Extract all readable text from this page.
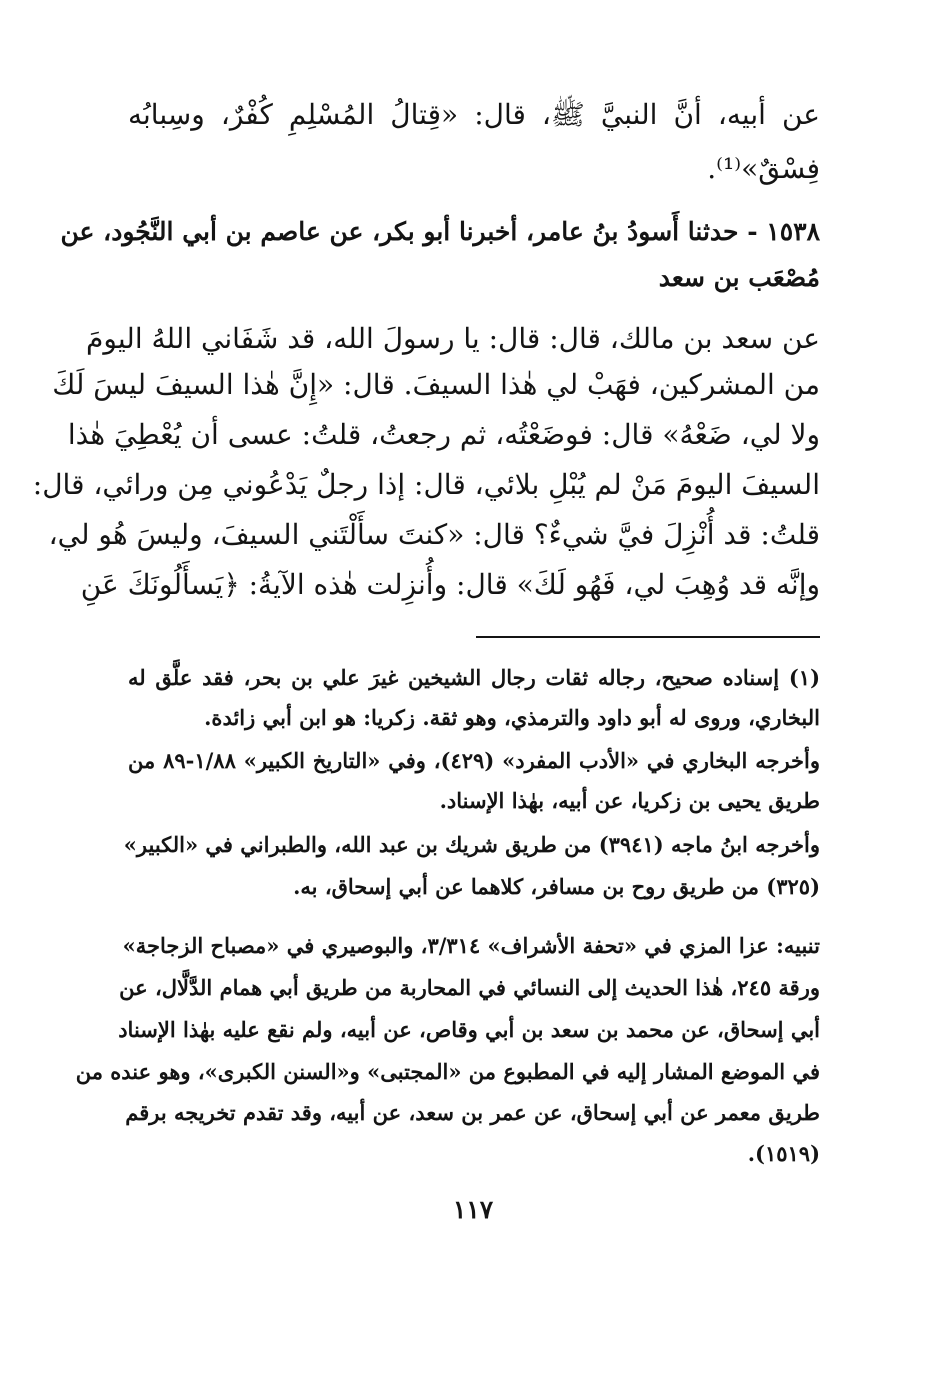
عن أبيه، أنَّ النبيَّ ﷺ، قال: «قِتالُ المُسْلِمِ كُفْرٌ، وسِبابُه
فِسْقٌ»⁽¹⁾.
١٥٣٨ - حدثنا أَسودُ بنُ عامر، أخبرنا أبو بكر، عن عاصم بن أبي النَّجُود، عن
مُصْعَب بن سعد
عن سعد بن مالك، قال: قال: يا رسولَ الله، قد شَفَاني اللهُ اليومَ
من المشركين، فهَبْ لي هٰذا السيفَ. قال: «إِنَّ هٰذا السيفَ ليسَ لَكَ
ولا لي، ضَعْهُ» قال: فوضَعْتُه، ثم رجعتُ، قلتُ: عسى أن يُعْطِيَ هٰذا
السيفَ اليومَ مَنْ لم يُبْلِ بلائي، قال: إذا رجلٌ يَدْعُوني مِن ورائي، قال:
قلتُ: قد أُنْزِلَ فيَّ شيءٌ؟ قال: «كنتَ سأَلْتَني السيفَ، وليسَ هُو لي،
وإنَّه قد وُهِبَ لي، فَهُو لَكَ» قال: وأُنزِلت هٰذه الآيةُ: ﴿يَسأَلُونَكَ عَنِ
(١) إسناده صحيح، رجاله ثقات رجال الشيخين غيرَ علي بن بحر، فقد علَّق له
البخاري، وروى له أبو داود والترمذي، وهو ثقة. زكريا: هو ابن أبي زائدة.
وأخرجه البخاري في «الأدب المفرد» (٤٢٩)، وفي «التاريخ الكبير» ١/٨٨-٨٩ من
طريق يحيى بن زكريا، عن أبيه، بهٰذا الإسناد.
وأخرجه ابنُ ماجه (٣٩٤١) من طريق شريك بن عبد الله، والطبراني في «الكبير»
(٣٢٥) من طريق روح بن مسافر، كلاهما عن أبي إسحاق، به.
تنبيه: عزا المزي في «تحفة الأشراف» ٣/٣١٤، والبوصيري في «مصباح الزجاجة»
ورقة ٢٤٥، هٰذا الحديث إلى النسائي في المحاربة من طريق أبي همام الدَّلَّال، عن
أبي إسحاق، عن محمد بن سعد بن أبي وقاص، عن أبيه، ولم نقع عليه بهٰذا الإسناد
في الموضع المشار إليه في المطبوع من «المجتبى» و«السنن الكبرى»، وهو عنده من
طريق معمر عن أبي إسحاق، عن عمر بن سعد، عن أبيه، وقد تقدم تخريجه برقم
(١٥١٩).
١١٧
